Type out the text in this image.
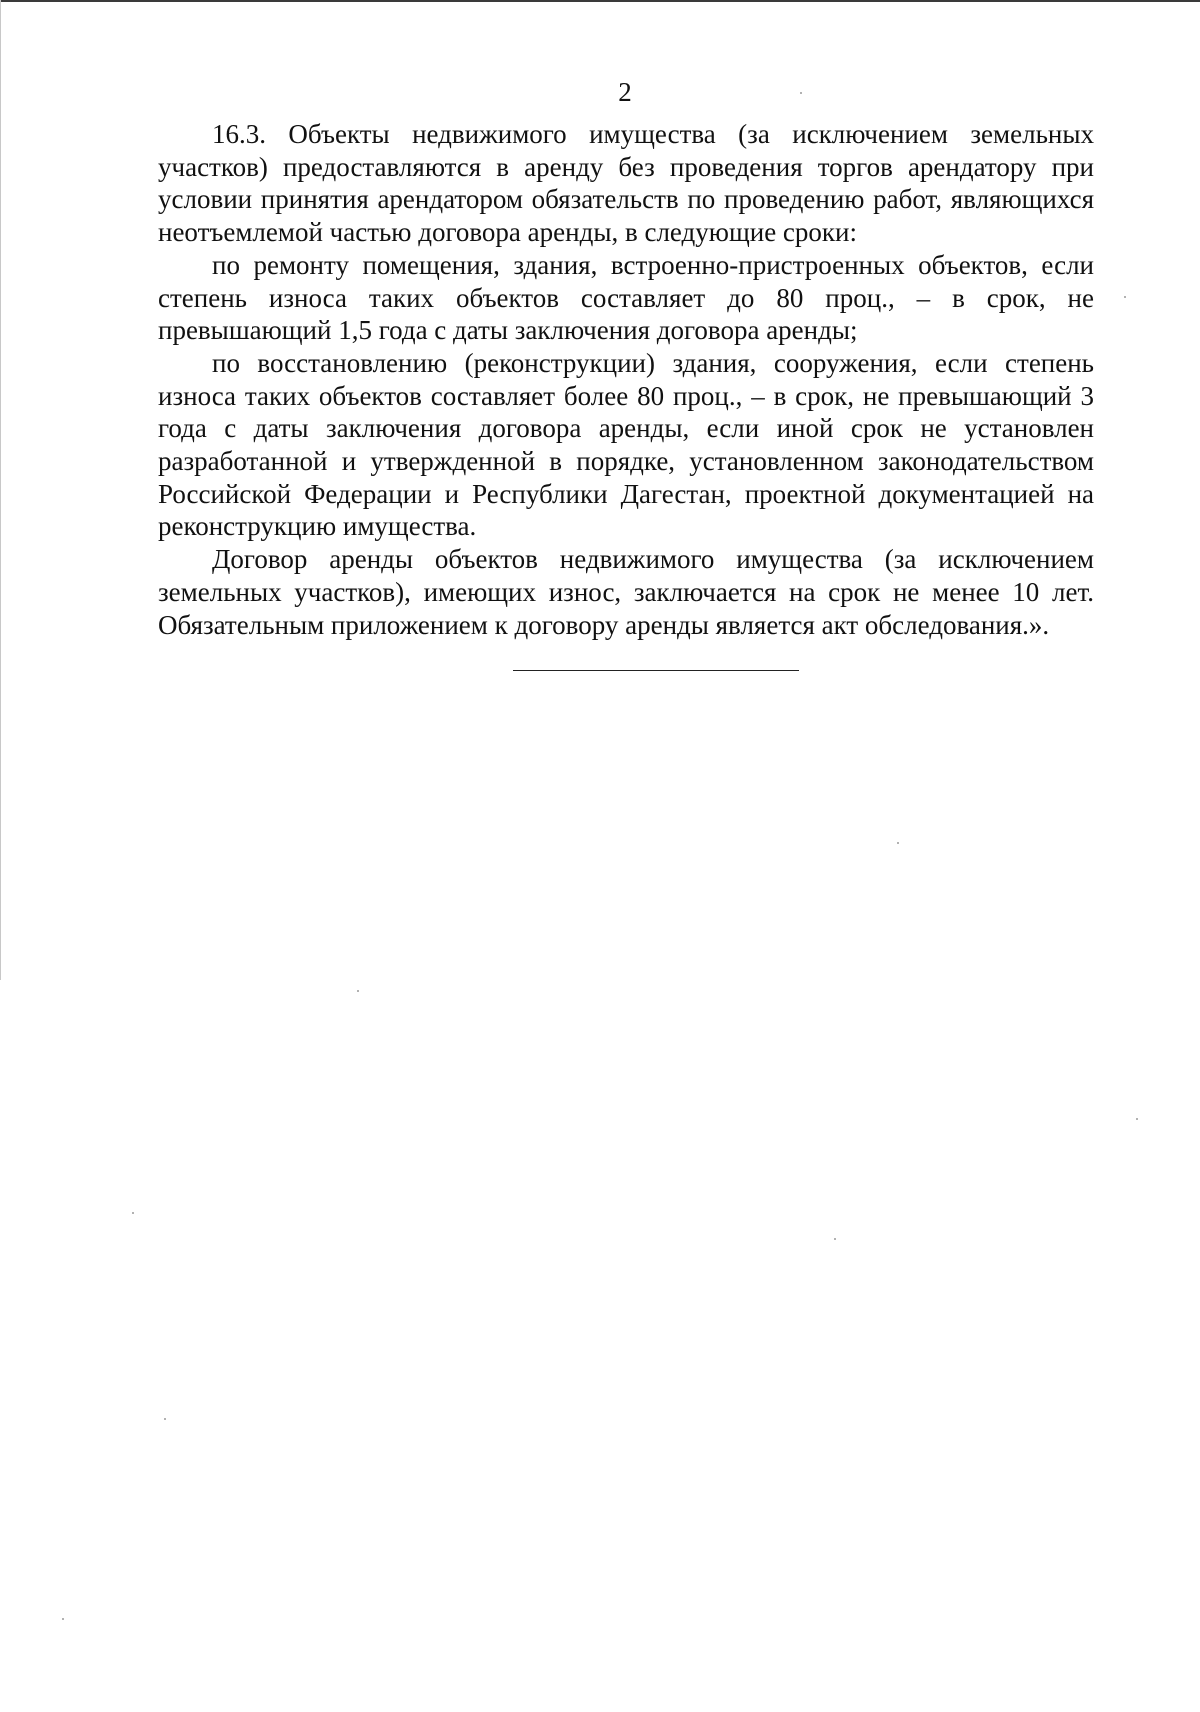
2

16.3. Объекты недвижимого имущества (за исключением земельных участков) предоставляются в аренду без проведения торгов арендатору при условии принятия арендатором обязательств по проведению работ, являющихся неотъемлемой частью договора аренды, в следующие сроки:

по ремонту помещения, здания, встроенно-пристроенных объектов, если степень износа таких объектов составляет до 80 проц., – в срок, не превышающий 1,5 года с даты заключения договора аренды;

по восстановлению (реконструкции) здания, сооружения, если степень износа таких объектов составляет более 80 проц., – в срок, не превышающий 3 года с даты заключения договора аренды, если иной срок не установлен разработанной и утвержденной в порядке, установленном законодательством Российской Федерации и Республики Дагестан, проектной документацией на реконструкцию имущества.

Договор аренды объектов недвижимого имущества (за исключением земельных участков), имеющих износ, заключается на срок не менее 10 лет. Обязательным приложением к договору аренды является акт обследования.».
